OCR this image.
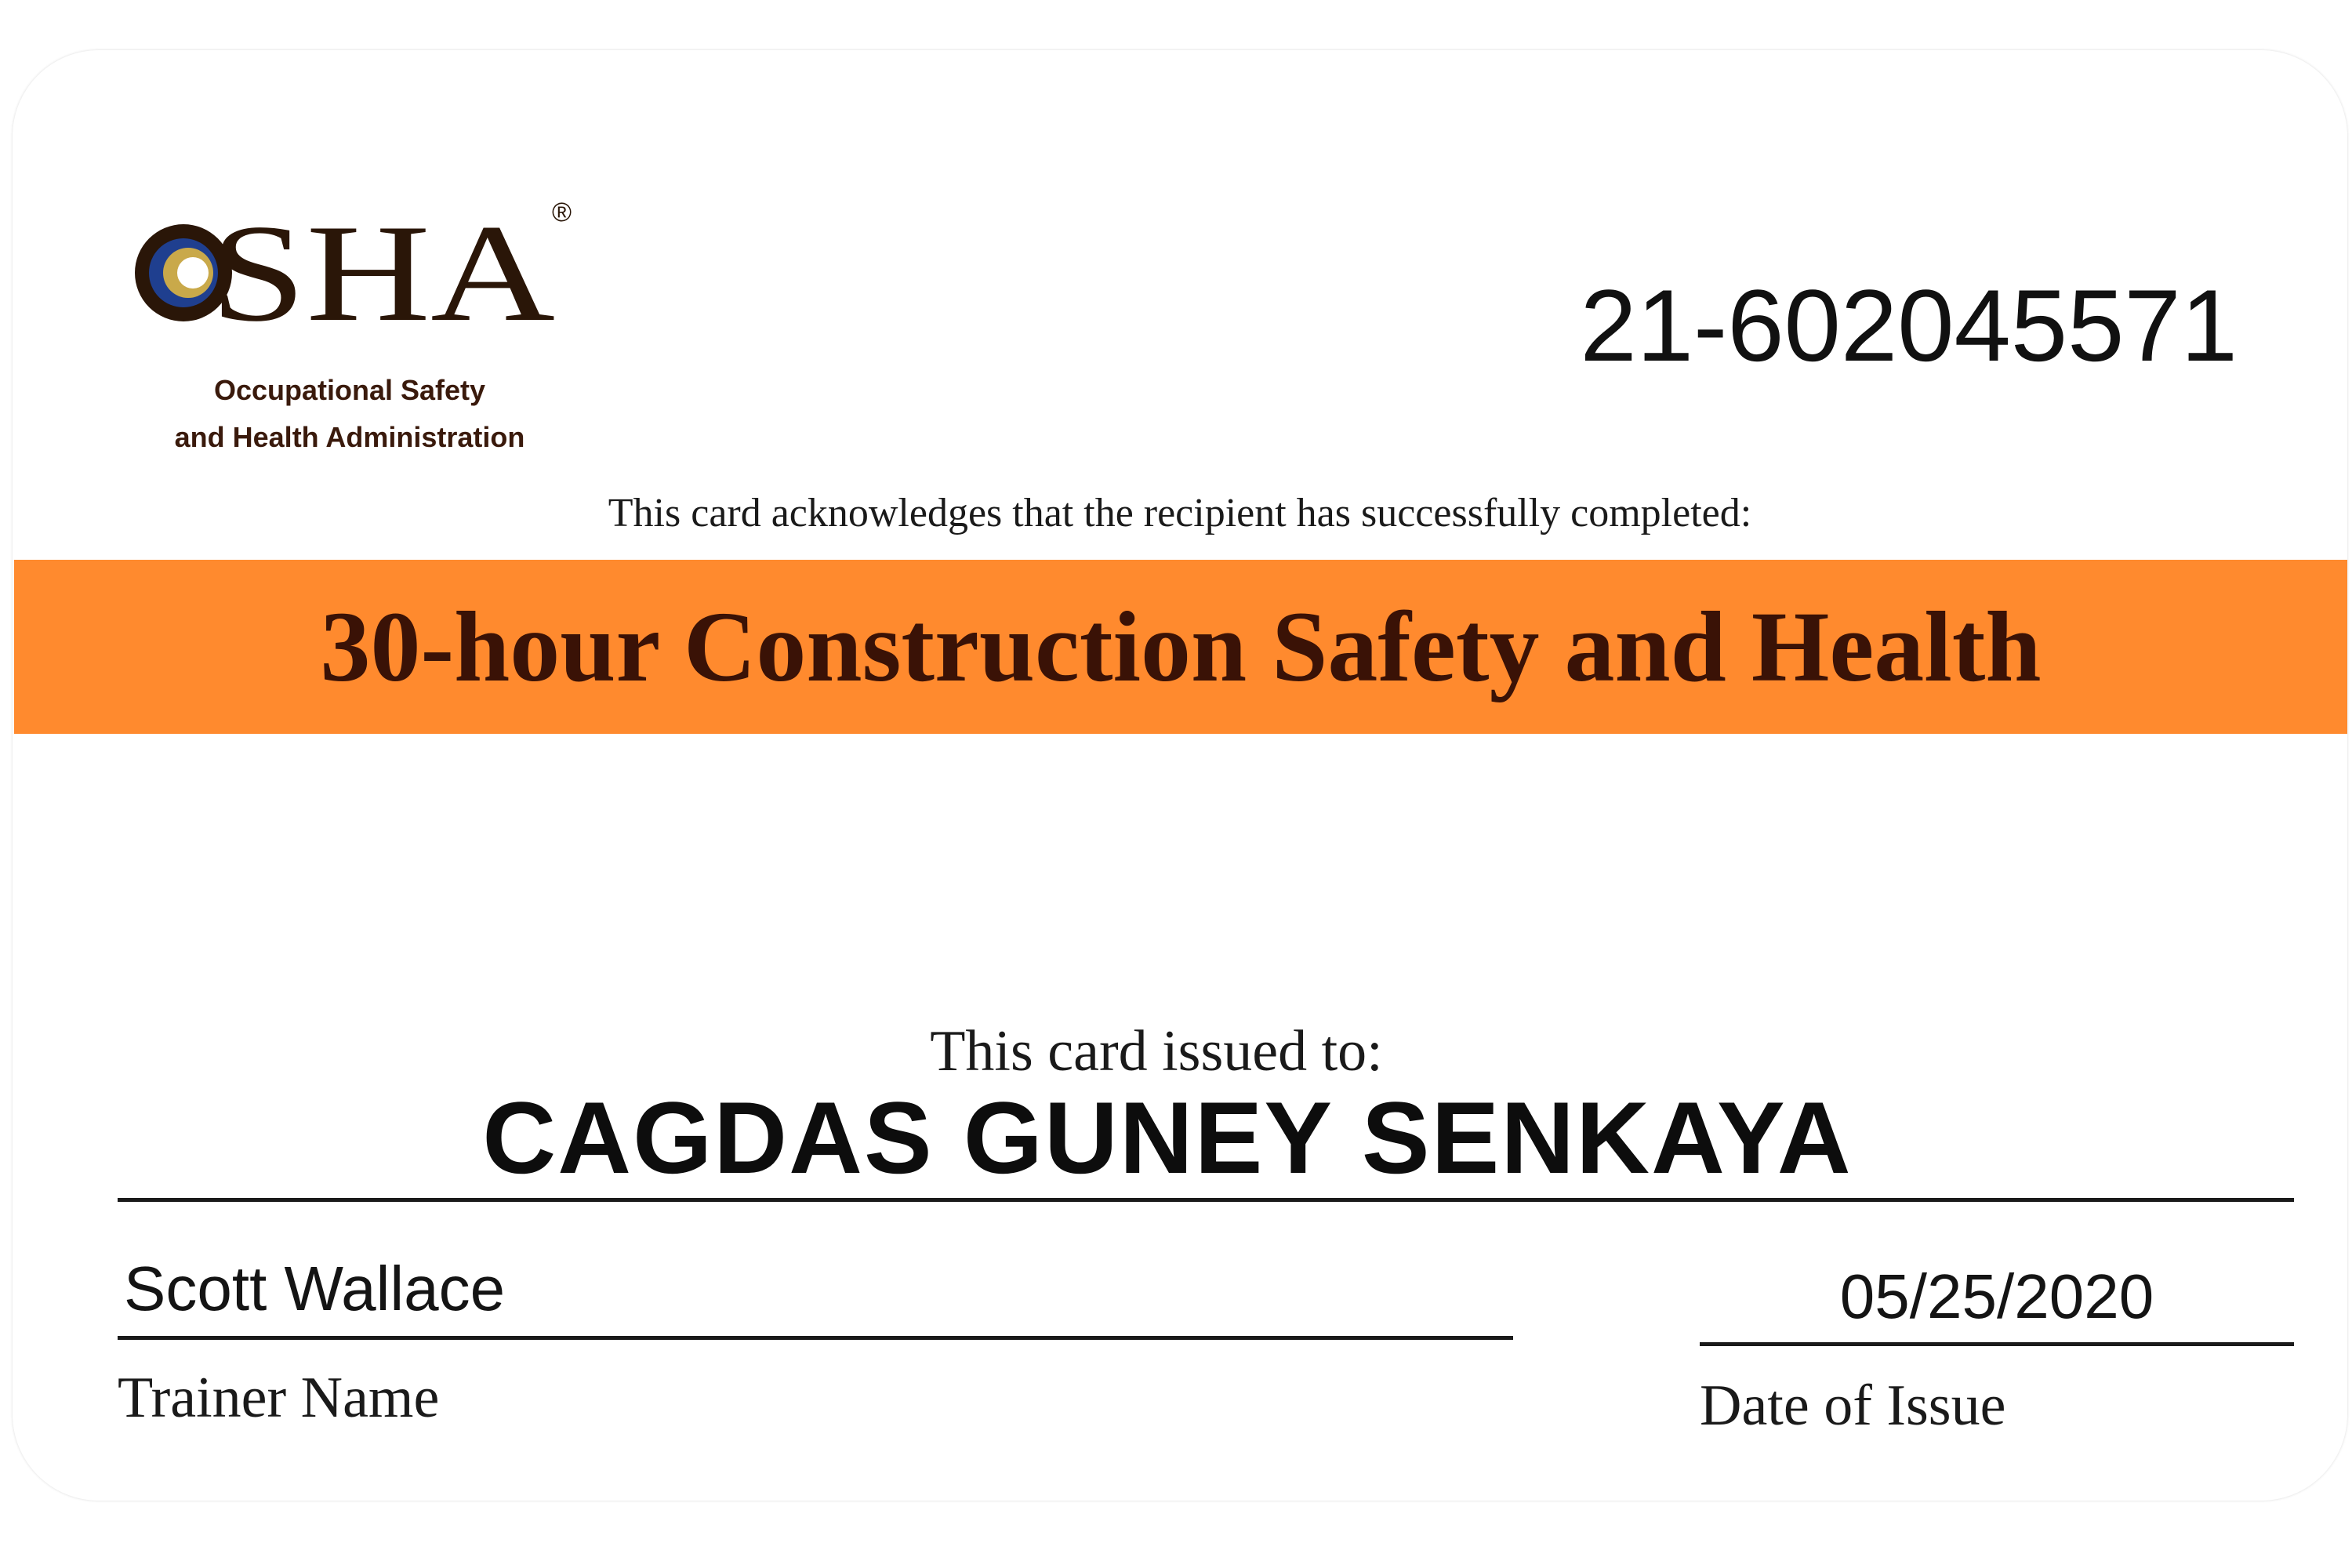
SHA
®
Occupational Safety
and Health Administration
21-602045571
This card acknowledges that the recipient has successfully completed:
30-hour Construction Safety and Health
This card issued to:
CAGDAS GUNEY SENKAYA
Scott Wallace
Trainer Name
05/25/2020
Date of Issue
